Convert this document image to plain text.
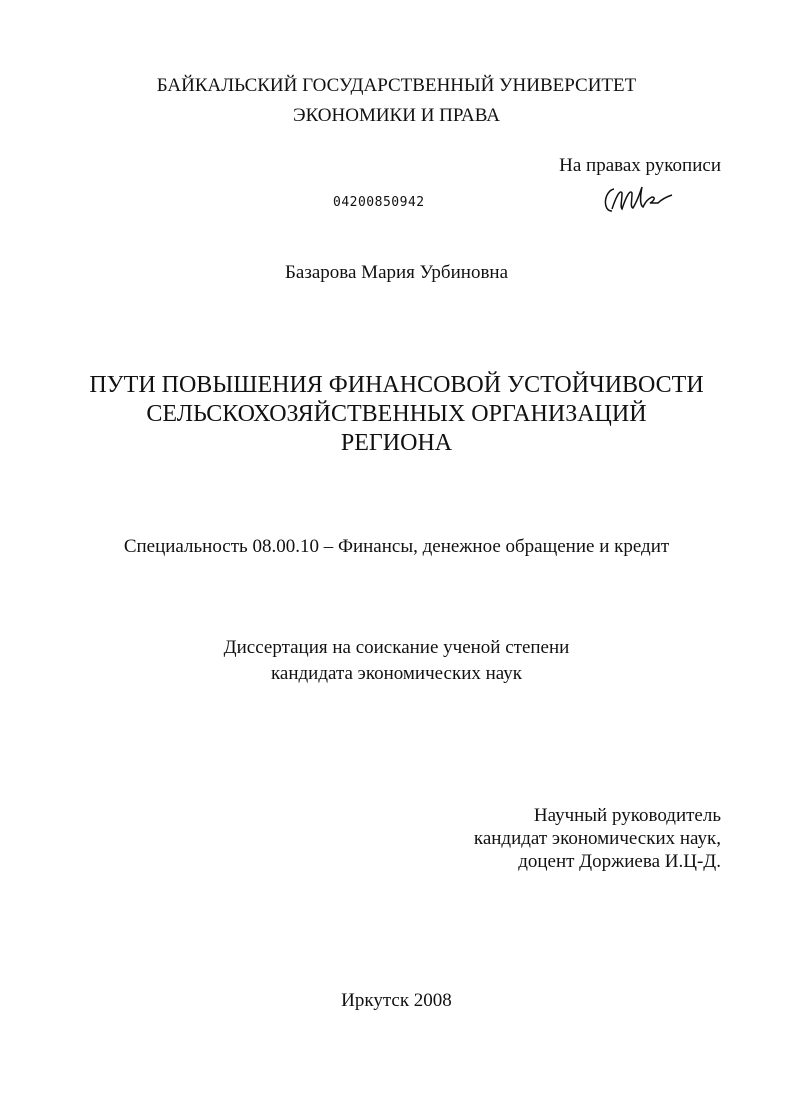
БАЙКАЛЬСКИЙ ГОСУДАРСТВЕННЫЙ УНИВЕРСИТЕТ
ЭКОНОМИКИ И ПРАВА
На правах рукописи
04200850942
Базарова Мария Урбиновна
ПУТИ ПОВЫШЕНИЯ ФИНАНСОВОЙ УСТОЙЧИВОСТИ
СЕЛЬСКОХОЗЯЙСТВЕННЫХ ОРГАНИЗАЦИЙ
РЕГИОНА
Специальность 08.00.10 – Финансы, денежное обращение и кредит
Диссертация на соискание ученой степени
кандидата экономических наук
Научный руководитель
кандидат экономических наук,
доцент Доржиева И.Ц-Д.
Иркутск 2008
